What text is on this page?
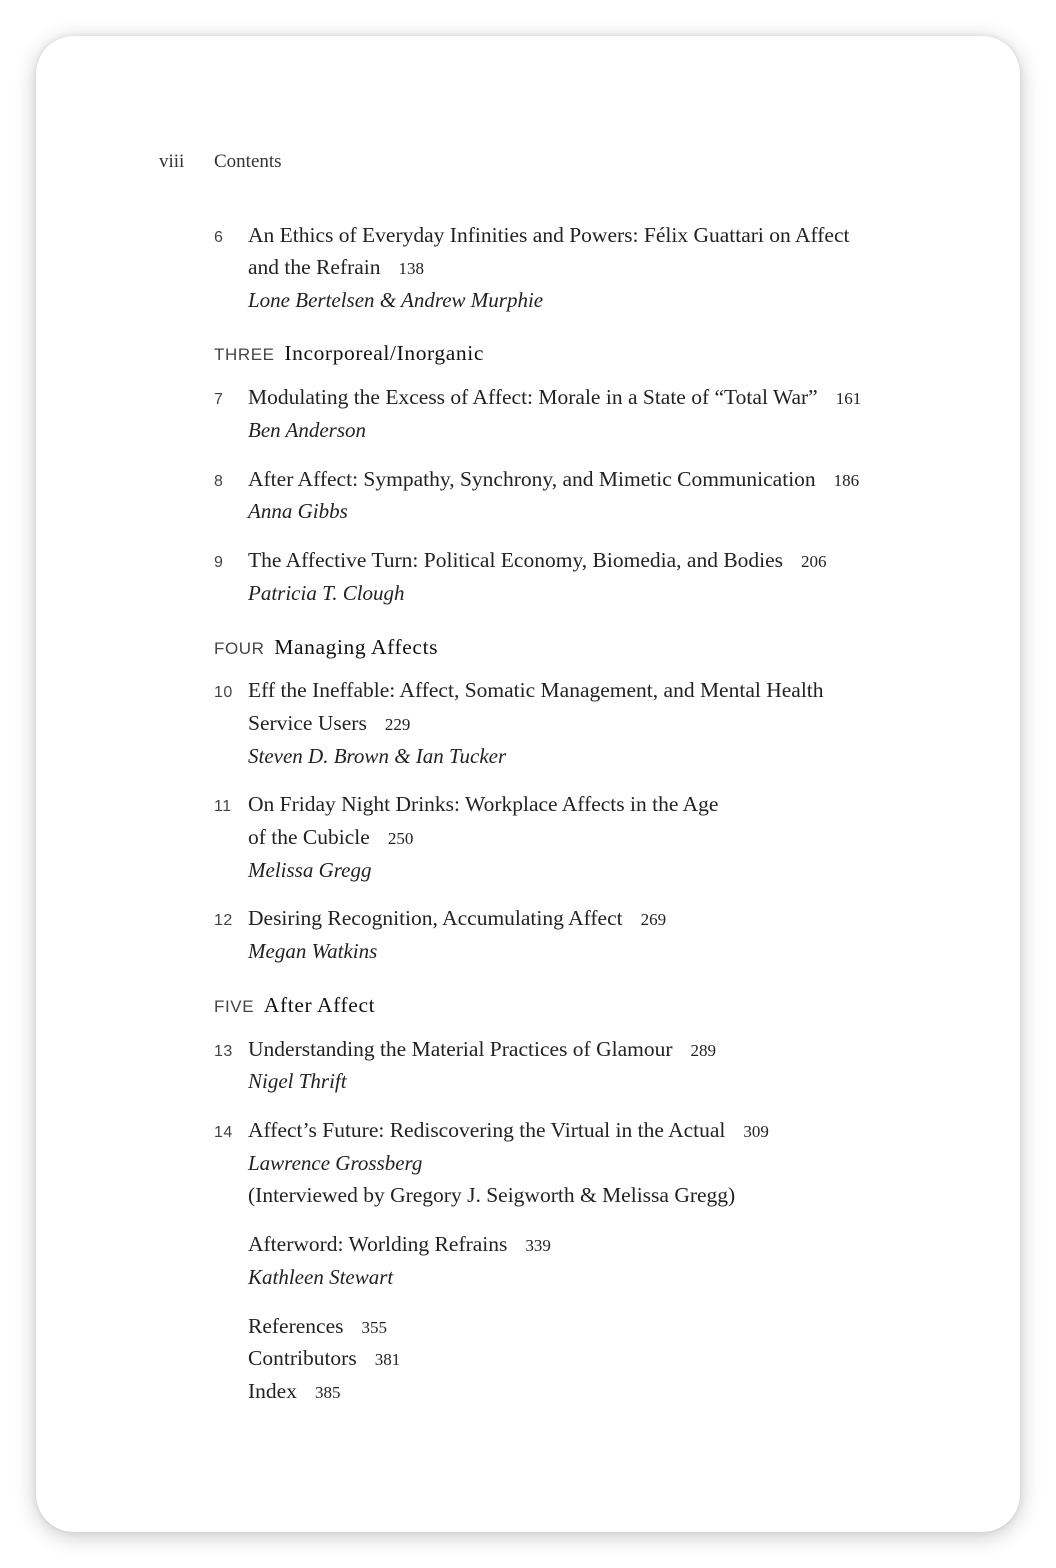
viii Contents
6 An Ethics of Everyday Infinities and Powers: Félix Guattari on Affect
and the Refrain 138
Lone Bertelsen & Andrew Murphie
THREE Incorporeal/Inorganic
7 Modulating the Excess of Affect: Morale in a State of “Total War” 161
Ben Anderson
8 After Affect: Sympathy, Synchrony, and Mimetic Communication 186
Anna Gibbs
9 The Affective Turn: Political Economy, Biomedia, and Bodies 206
Patricia T. Clough
FOUR Managing Affects
10 Eff the Ineffable: Affect, Somatic Management, and Mental Health
Service Users 229
Steven D. Brown & Ian Tucker
11 On Friday Night Drinks: Workplace Affects in the Age
of the Cubicle 250
Melissa Gregg
12 Desiring Recognition, Accumulating Affect 269
Megan Watkins
FIVE After Affect
13 Understanding the Material Practices of Glamour 289
Nigel Thrift
14 Affect’s Future: Rediscovering the Virtual in the Actual 309
Lawrence Grossberg
(Interviewed by Gregory J. Seigworth & Melissa Gregg)
Afterword: Worlding Refrains 339
Kathleen Stewart
References 355
Contributors 381
Index 385
